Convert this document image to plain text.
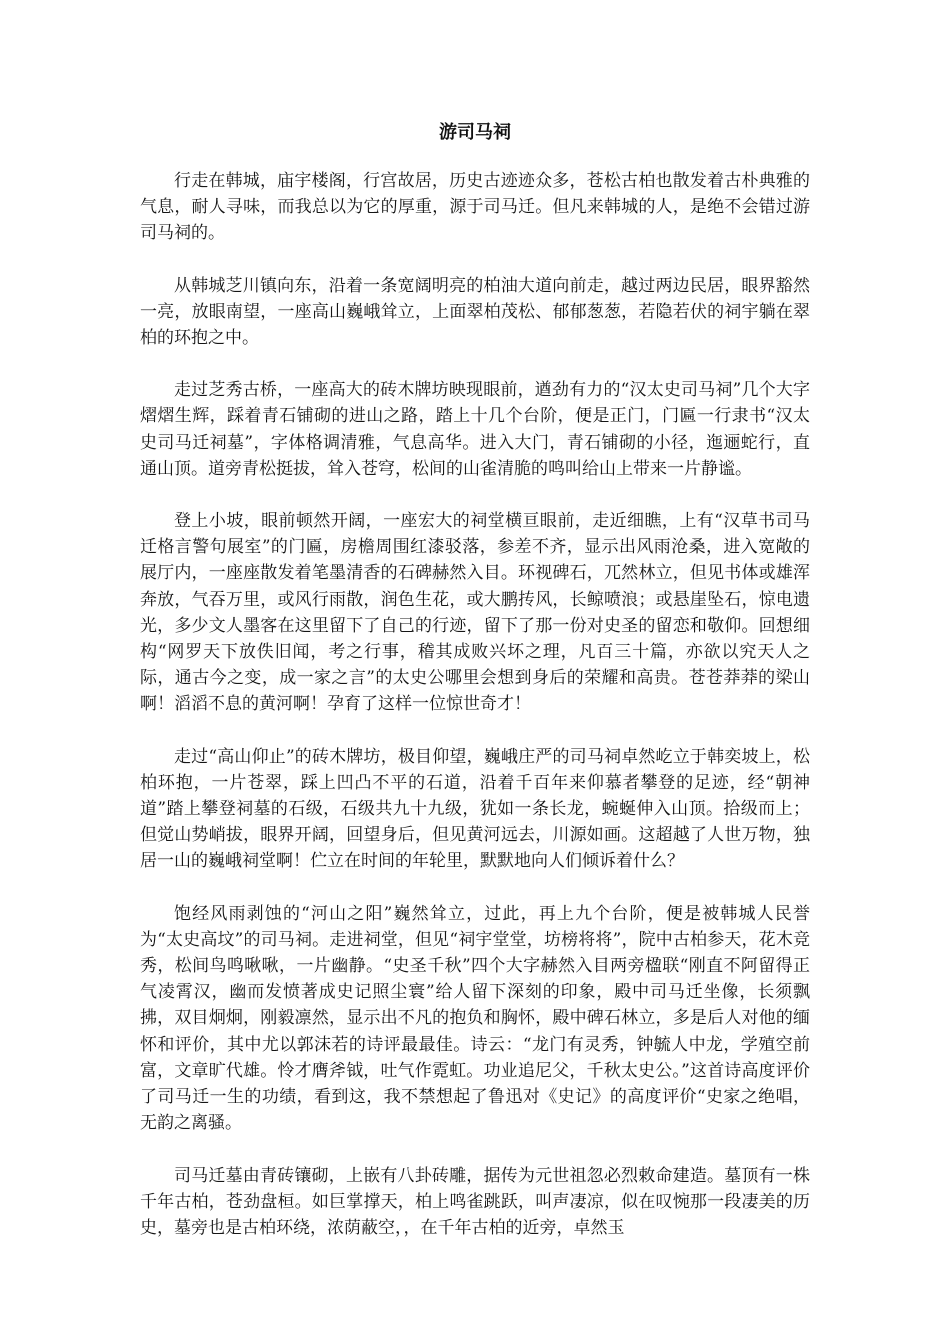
游司马祠

行走在韩城，庙宇楼阁，行宫故居，历史古迹迹众多，苍松古柏也散发着古朴典雅的气息，耐人寻味，而我总以为它的厚重，源于司马迁。但凡来韩城的人，是绝不会错过游司马祠的。

从韩城芝川镇向东，沿着一条宽阔明亮的柏油大道向前走，越过两边民居，眼界豁然一亮，放眼南望，一座高山巍峨耸立，上面翠柏茂松、郁郁葱葱，若隐若伏的祠宇躺在翠柏的环抱之中。

走过芝秀古桥，一座高大的砖木牌坊映现眼前，遒劲有力的“汉太史司马祠”几个大字熠熠生辉，踩着青石铺砌的进山之路，踏上十几个台阶，便是正门，门匾一行隶书“汉太史司马迁祠墓”，字体格调清雅，气息高华。进入大门，青石铺砌的小径，迤逦蛇行，直通山顶。道旁青松挺拔，耸入苍穹，松间的山雀清脆的鸣叫给山上带来一片静谧。

登上小坡，眼前顿然开阔，一座宏大的祠堂横亘眼前，走近细瞧，上有“汉草书司马迁格言警句展室”的门匾，房檐周围红漆驳落，参差不齐，显示出风雨沧桑，进入宽敞的展厅内，一座座散发着笔墨清香的石碑赫然入目。环视碑石，兀然林立，但见书体或雄浑奔放，气吞万里，或风行雨散，润色生花，或大鹏抟风，长鲸喷浪；或悬崖坠石，惊电遗光，多少文人墨客在这里留下了自己的行迹，留下了那一份对史圣的留恋和敬仰。回想细构“网罗天下放佚旧闻，考之行事，稽其成败兴坏之理，凡百三十篇，亦欲以究天人之际，通古今之变，成一家之言”的太史公哪里会想到身后的荣耀和高贵。苍苍莽莽的梁山啊！滔滔不息的黄河啊！孕育了这样一位惊世奇才！

走过“高山仰止”的砖木牌坊，极目仰望，巍峨庄严的司马祠卓然屹立于韩奕坡上，松柏环抱，一片苍翠，踩上凹凸不平的石道，沿着千百年来仰慕者攀登的足迹，经“朝神道”踏上攀登祠墓的石级，石级共九十九级，犹如一条长龙，蜿蜒伸入山顶。拾级而上；但觉山势峭拔，眼界开阔，回望身后，但见黄河远去，川源如画。这超越了人世万物，独居一山的巍峨祠堂啊！伫立在时间的年轮里，默默地向人们倾诉着什么？

饱经风雨剥蚀的“河山之阳”巍然耸立，过此，再上九个台阶，便是被韩城人民誉为“太史高坟”的司马祠。走进祠堂，但见“祠宇堂堂，坊榜将将”，院中古柏参天，花木竞秀，松间鸟鸣啾啾，一片幽静。“史圣千秋”四个大字赫然入目两旁楹联“刚直不阿留得正气凌霄汉，幽而发愤著成史记照尘寰”给人留下深刻的印象，殿中司马迁坐像，长须飘拂，双目炯炯，刚毅凛然，显示出不凡的抱负和胸怀，殿中碑石林立，多是后人对他的缅怀和评价，其中尤以郭沫若的诗评最最佳。诗云：“龙门有灵秀，钟毓人中龙，学殖空前富，文章旷代雄。怜才膺斧钺，吐气作霓虹。功业追尼父，千秋太史公。”这首诗高度评价了司马迁一生的功绩，看到这，我不禁想起了鲁迅对《史记》的高度评价“史家之绝唱，无韵之离骚。

司马迁墓由青砖镶砌，上嵌有八卦砖雕，据传为元世祖忽必烈敕命建造。墓顶有一株千年古柏，苍劲盘桓。如巨掌撑天，柏上鸣雀跳跃，叫声凄凉，似在叹惋那一段凄美的历史，墓旁也是古柏环绕，浓荫蔽空，，在千年古柏的近旁，卓然玉
